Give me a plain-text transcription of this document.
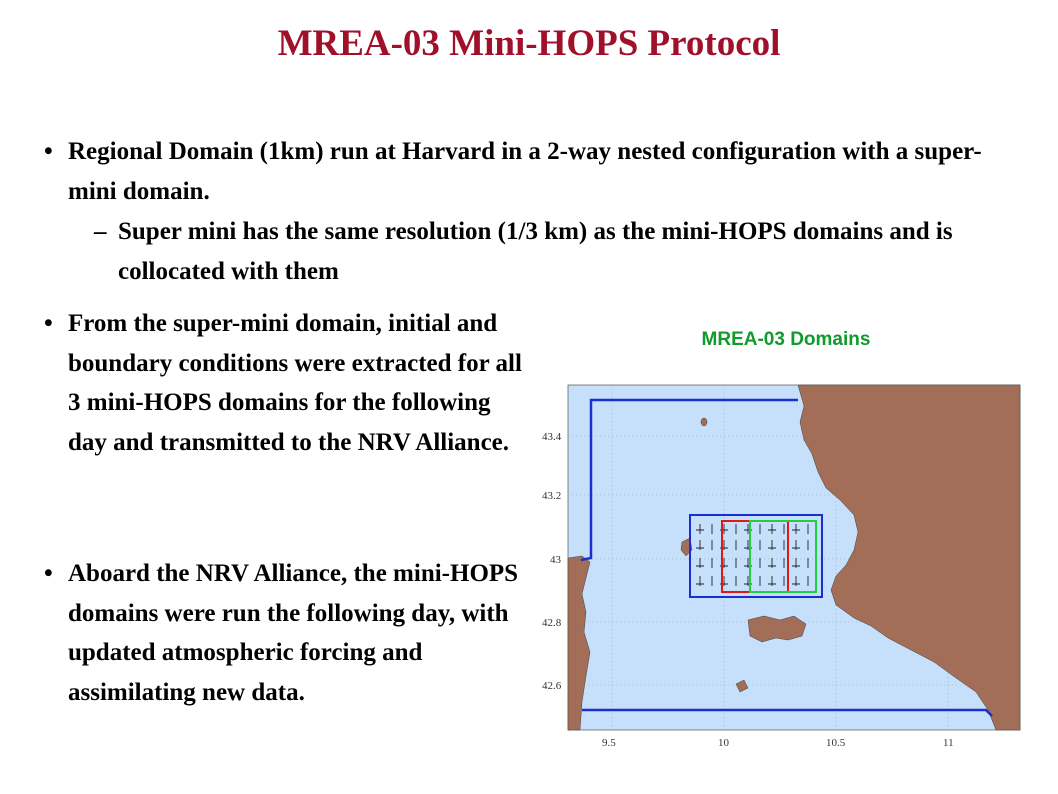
MREA-03 Mini-HOPS Protocol
• Regional Domain (1km) run at Harvard in a 2-way nested configuration with a super-mini domain.
– Super mini has the same resolution (1/3 km) as the mini-HOPS domains and is collocated with them
• From the super-mini domain, initial and boundary conditions were extracted for all 3 mini-HOPS domains for the following day and transmitted to the NRV Alliance.
• Aboard the NRV Alliance, the mini-HOPS domains were run the following day, with updated atmospheric forcing and assimilating new data.
MREA-03 Domains
43.4
43.2
43
42.8
42.6
9.5	10	10.5	11
